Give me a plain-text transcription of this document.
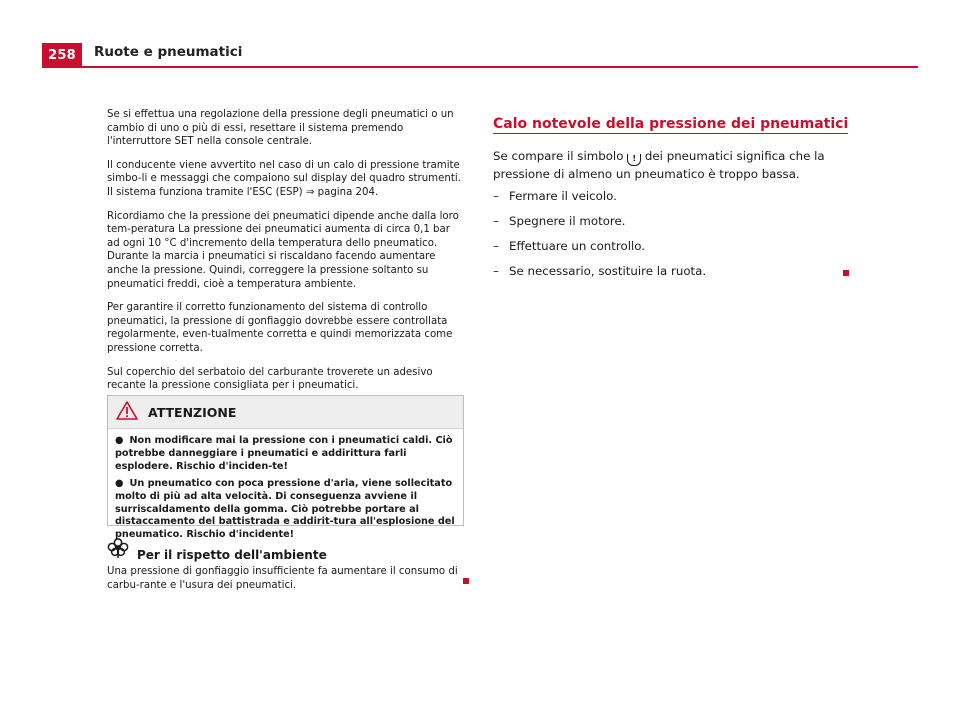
258	Ruote e pneumatici

Se si effettua una regolazione della pressione degli pneumatici o un cambio di uno o più di essi, resettare il sistema premendo l'interruttore SET nella console centrale.

Il conducente viene avvertito nel caso di un calo di pressione tramite simbo-li e messaggi che compaiono sul display del quadro strumenti. Il sistema funziona tramite l'ESC (ESP) ⇒ pagina 204.

Ricordiamo che la pressione dei pneumatici dipende anche dalla loro tem-peratura La pressione dei pneumatici aumenta di circa 0,1 bar ad ogni 10 °C d'incremento della temperatura dello pneumatico. Durante la marcia i pneumatici si riscaldano facendo aumentare anche la pressione. Quindi, correggere la pressione soltanto su pneumatici freddi, cioè a temperatura ambiente.

Per garantire il corretto funzionamento del sistema di controllo pneumatici, la pressione di gonfiaggio dovrebbe essere controllata regolarmente, even-tualmente corretta e quindi memorizzata come pressione corretta.

Sul coperchio del serbatoio del carburante troverete un adesivo recante la pressione consigliata per i pneumatici.

ATTENZIONE

● Non modificare mai la pressione con i pneumatici caldi. Ciò potrebbe danneggiare i pneumatici e addirittura farli esplodere. Rischio d'inciden-te!

● Un pneumatico con poca pressione d'aria, viene sollecitato molto di più ad alta velocità. Di conseguenza avviene il surriscaldamento della gomma. Ciò potrebbe portare al distaccamento del battistrada e addirit-tura all'esplosione del pneumatico. Rischio d'incidente!

Per il rispetto dell'ambiente

Una pressione di gonfiaggio insufficiente fa aumentare il consumo di carbu-rante e l'usura dei pneumatici.

Calo notevole della pressione dei pneumatici

Se compare il simbolo ! dei pneumatici significa che la pressione di almeno un pneumatico è troppo bassa.

– Fermare il veicolo.
– Spegnere il motore.
– Effettuare un controllo.
– Se necessario, sostituire la ruota.
